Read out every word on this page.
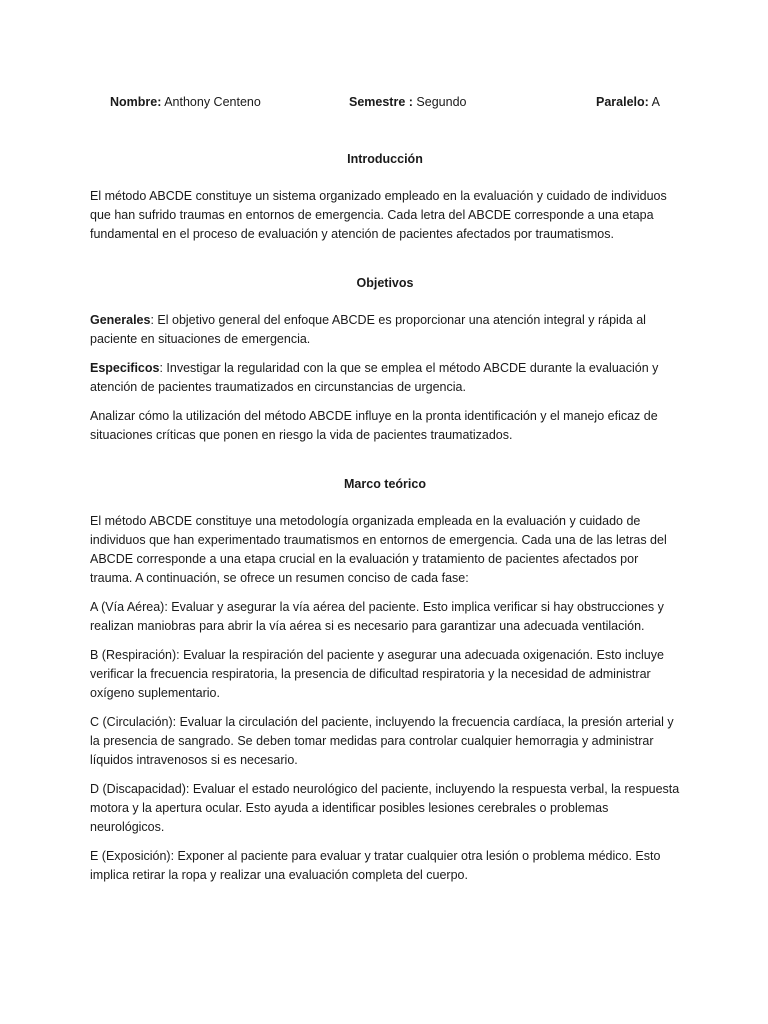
Nombre: Anthony Centeno	Semestre : Segundo	Paralelo: A
Introducción

El método ABCDE constituye un sistema organizado empleado en la evaluación y cuidado de individuos que han sufrido traumas en entornos de emergencia. Cada letra del ABCDE corresponde a una etapa fundamental en el proceso de evaluación y atención de pacientes afectados por traumatismos.

Objetivos

Generales: El objetivo general del enfoque ABCDE es proporcionar una atención integral y rápida al paciente en situaciones de emergencia.

Especificos: Investigar la regularidad con la que se emplea el método ABCDE durante la evaluación y atención de pacientes traumatizados en circunstancias de urgencia.

Analizar cómo la utilización del método ABCDE influye en la pronta identificación y el manejo eficaz de situaciones críticas que ponen en riesgo la vida de pacientes traumatizados.

Marco teórico

El método ABCDE constituye una metodología organizada empleada en la evaluación y cuidado de individuos que han experimentado traumatismos en entornos de emergencia. Cada una de las letras del ABCDE corresponde a una etapa crucial en la evaluación y tratamiento de pacientes afectados por trauma. A continuación, se ofrece un resumen conciso de cada fase:

A (Vía Aérea): Evaluar y asegurar la vía aérea del paciente. Esto implica verificar si hay obstrucciones y realizan maniobras para abrir la vía aérea si es necesario para garantizar una adecuada ventilación.

B (Respiración): Evaluar la respiración del paciente y asegurar una adecuada oxigenación. Esto incluye verificar la frecuencia respiratoria, la presencia de dificultad respiratoria y la necesidad de administrar oxígeno suplementario.

C (Circulación): Evaluar la circulación del paciente, incluyendo la frecuencia cardíaca, la presión arterial y la presencia de sangrado. Se deben tomar medidas para controlar cualquier hemorragia y administrar líquidos intravenosos si es necesario.

D (Discapacidad): Evaluar el estado neurológico del paciente, incluyendo la respuesta verbal, la respuesta motora y la apertura ocular. Esto ayuda a identificar posibles lesiones cerebrales o problemas neurológicos.

E (Exposición): Exponer al paciente para evaluar y tratar cualquier otra lesión o problema médico. Esto implica retirar la ropa y realizar una evaluación completa del cuerpo.
